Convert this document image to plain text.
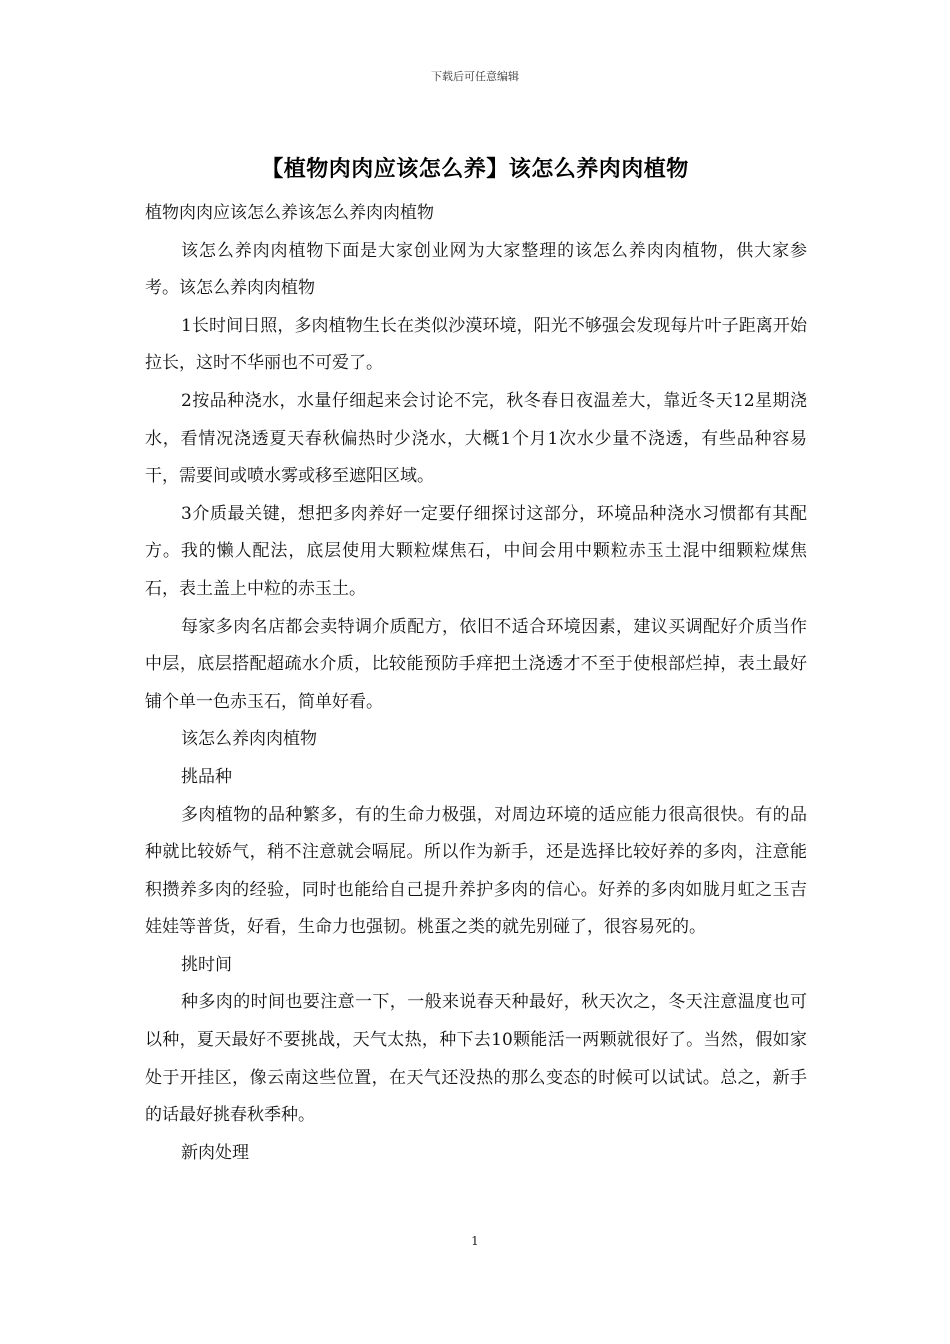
下载后可任意编辑
【植物肉肉应该怎么养】该怎么养肉肉植物

植物肉肉应该怎么养该怎么养肉肉植物

该怎么养肉肉植物下面是大家创业网为大家整理的该怎么养肉肉植物，供大家参考。该怎么养肉肉植物

1长时间日照，多肉植物生长在类似沙漠环境，阳光不够强会发现每片叶子距离开始拉长，这时不华丽也不可爱了。

2按品种浇水，水量仔细起来会讨论不完，秋冬春日夜温差大，靠近冬天12星期浇水，看情况浇透夏天春秋偏热时少浇水，大概1个月1次水少量不浇透，有些品种容易干，需要间或喷水雾或移至遮阳区域。

3介质最关键，想把多肉养好一定要仔细探讨这部分，环境品种浇水习惯都有其配方。我的懒人配法，底层使用大颗粒煤焦石，中间会用中颗粒赤玉土混中细颗粒煤焦石，表土盖上中粒的赤玉土。

每家多肉名店都会卖特调介质配方，依旧不适合环境因素，建议买调配好介质当作中层，底层搭配超疏水介质，比较能预防手痒把土浇透才不至于使根部烂掉，表土最好铺个单一色赤玉石，简单好看。

该怎么养肉肉植物

挑品种

多肉植物的品种繁多，有的生命力极强，对周边环境的适应能力很高很快。有的品种就比较娇气，稍不注意就会嗝屁。所以作为新手，还是选择比较好养的多肉，注意能积攒养多肉的经验，同时也能给自己提升养护多肉的信心。好养的多肉如胧月虹之玉吉娃娃等普货，好看，生命力也强韧。桃蛋之类的就先别碰了，很容易死的。

挑时间

种多肉的时间也要注意一下，一般来说春天种最好，秋天次之，冬天注意温度也可以种，夏天最好不要挑战，天气太热，种下去10颗能活一两颗就很好了。当然，假如家处于开挂区，像云南这些位置，在天气还没热的那么变态的时候可以试试。总之，新手的话最好挑春秋季种。

新肉处理

1
